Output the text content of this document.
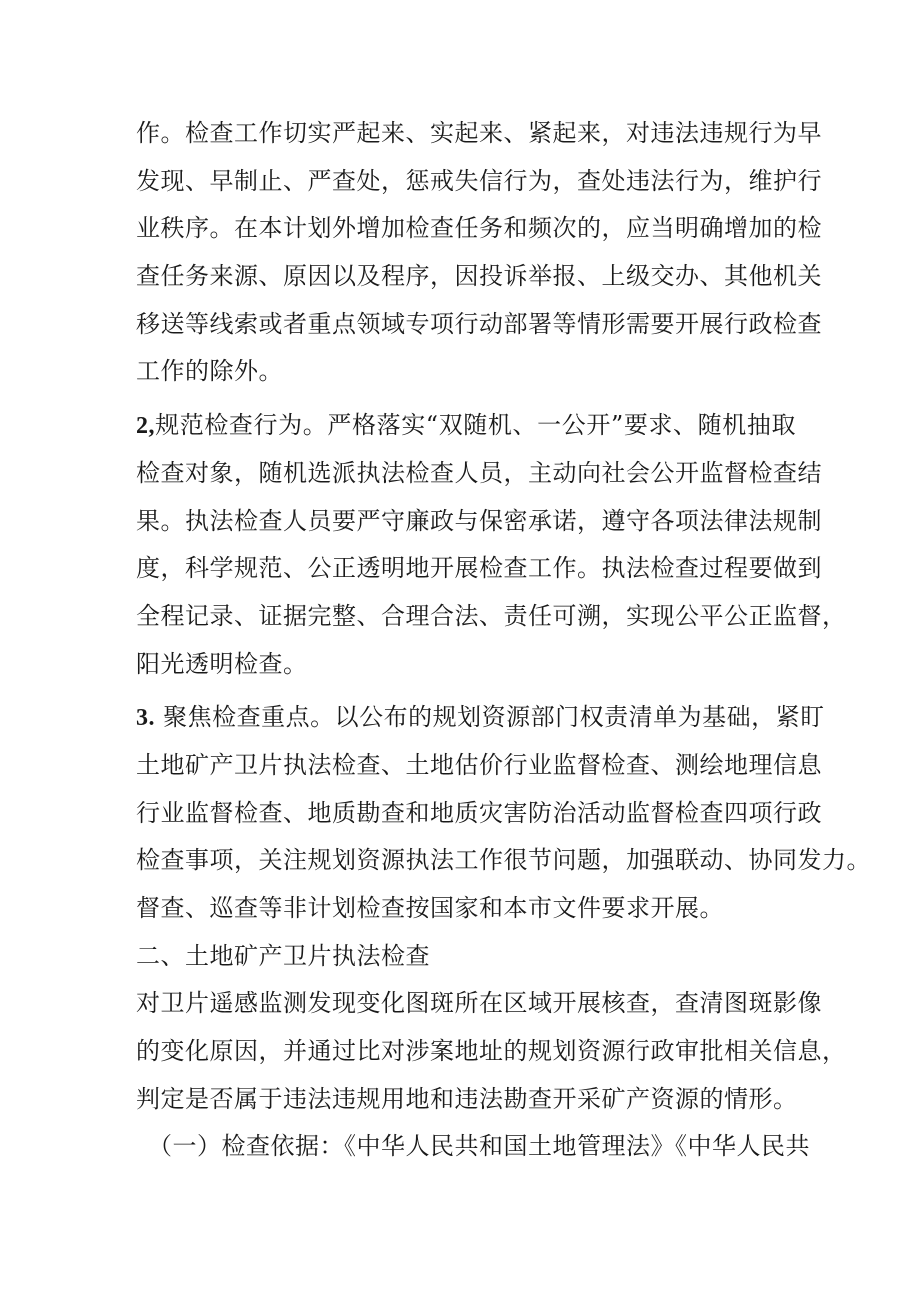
作。检查工作切实严起来、实起来、紧起来，对违法违规行为早
发现、早制止、严查处，惩戒失信行为，查处违法行为，维护行
业秩序。在本计划外增加检查任务和频次的，应当明确增加的检
查任务来源、原因以及程序，因投诉举报、上级交办、其他机关
移送等线索或者重点领域专项行动部署等情形需要开展行政检查
工作的除外。
2,规范检查行为。严格落实“双随机、一公开”要求、随机抽取
检查对象，随机选派执法检查人员，主动向社会公开监督检查结
果。执法检查人员要严守廉政与保密承诺，遵守各项法律法规制
度，科学规范、公正透明地开展检查工作。执法检查过程要做到
全程记录、证据完整、合理合法、责任可溯，实现公平公正监督，
阳光透明检查。
3. 聚焦检查重点。以公布的规划资源部门权责清单为基础，紧盯
土地矿产卫片执法检查、土地估价行业监督检查、测绘地理信息
行业监督检查、地质勘查和地质灾害防治活动监督检查四项行政
检查事项，关注规划资源执法工作很节问题，加强联动、协同发力。
督查、巡查等非计划检查按国家和本市文件要求开展。
二、土地矿产卫片执法检查
对卫片遥感监测发现变化图斑所在区域开展核查，查清图斑影像
的变化原因，并通过比对涉案地址的规划资源行政审批相关信息，
判定是否属于违法违规用地和违法勘查开采矿产资源的情形。
（一）检查依据：《中华人民共和国土地管理法》《中华人民共
